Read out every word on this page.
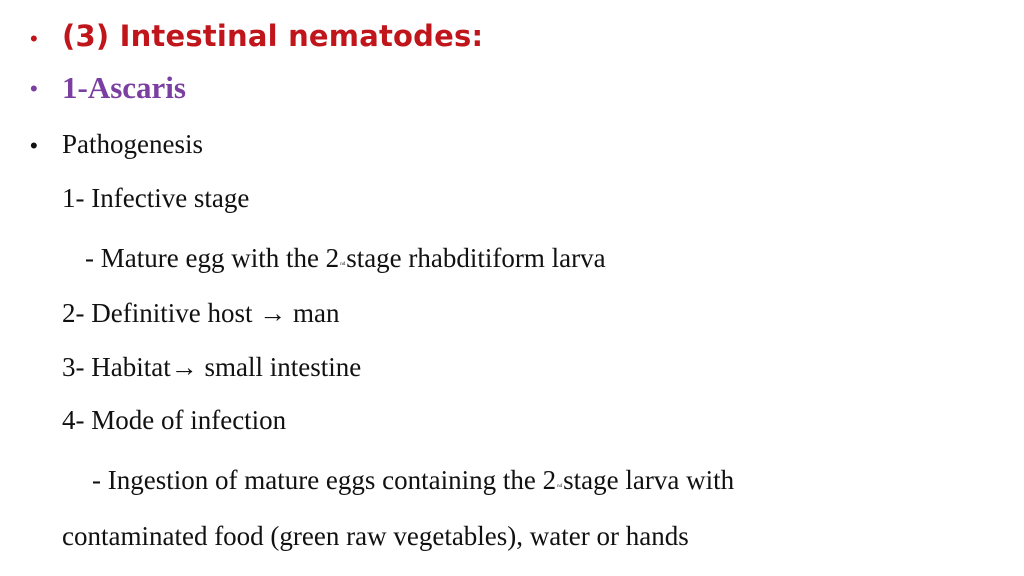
• (3) Intestinal nematodes:
• 1-Ascaris
• Pathogenesis
1- Infective stage
- Mature egg with the 2ndstage rhabditiform larva
2- Definitive host → man
3- Habitat→ small intestine
4- Mode of infection
- Ingestion of mature eggs containing the 2ndstage larva with
contaminated food (green raw vegetables), water or hands
